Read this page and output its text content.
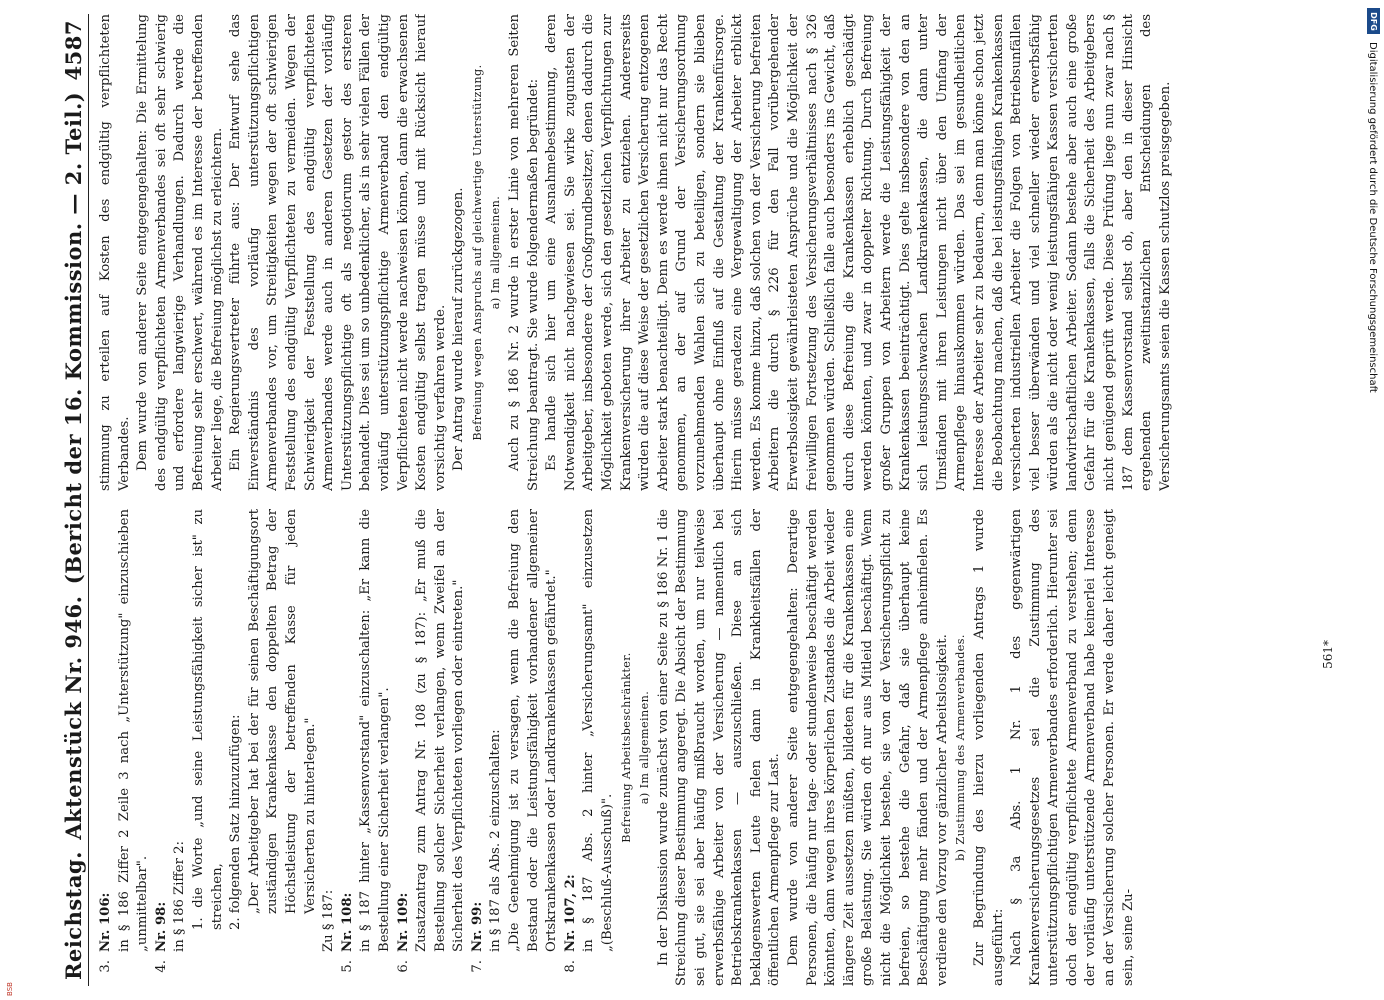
Reichstag.
Aktenstück Nr. 946.
(Bericht der 16. Kommission. — 2. Teil.)
4587
3.
Nr. 106: in § 186 Ziffer 2 Zeile 3 nach „Unterstützung" einzuschieben „unmittelbar".

4.
Nr. 98: in § 186 Ziffer 2: 1. die Worte „und seine Leistungsfähigkeit sicher ist" zu streichen, 2. folgenden Satz hinzuzufügen: „Der Arbeitgeber hat bei der für seinen Beschäftigungsort zuständigen Krankenkasse den doppelten Betrag der Höchstleistung der betreffenden Kasse für jeden Versicherten zu hinterlegen."

Zu § 187:

5.
Nr. 108: in § 187 hinter „Kassenvorstand" einzuschalten: „Er kann die Bestellung einer Sicherheit verlangen".

6.
Nr. 109: Zusatzantrag zum Antrag Nr. 108 (zu § 187): „Er muß die Bestellung solcher Sicherheit verlangen, wenn Zweifel an der Sicherheit des Verpflichteten vorliegen oder eintreten."

7.
Nr. 99: in § 187 als Abs. 2 einzuschalten: „Die Genehmigung ist zu versagen, wenn die Befreiung den Bestand oder die Leistungsfähigkeit vorhandener allgemeiner Ortskrankenkassen oder Landkrankenkassen gefährdet."

8.
Nr. 107, 2: in § 187 Abs. 2 hinter „Versicherungsamt" einzusetzen „(Beschluß-Ausschuß)".

Befreiung Arbeitsbeschränkter. a) Im allgemeinen. In der Diskussion wurde zunächst von einer Seite zu § 186 Nr. 1 die Streichung dieser Bestimmung angeregt. Die Absicht der Bestimmung sei gut, sie sei aber häufig mißbraucht worden, um nur teilweise erwerbsfähige Arbeiter von der Versicherung — namentlich bei Betriebskrankenkassen — auszuschließen. Diese an sich beklagenswerten Leute fielen dann in Krankheitsfällen der öffentlichen Armenpflege zur Last. Dem wurde von anderer Seite entgegengehalten: Derartige Personen, die häufig nur tage- oder stundenweise beschäftigt werden könnten, dann wegen ihres körperlichen Zustandes die Arbeit wieder längere Zeit aussetzen müßten, bildeten für die Krankenkassen eine große Belastung. Sie würden oft nur aus Mitleid beschäftigt. Wenn nicht die Möglichkeit bestehe, sie von der Versicherungspflicht zu befreien, so bestehe die Gefahr, daß sie überhaupt keine Beschäftigung mehr fänden und der Armenpflege anheimfielen. Es verdiene den Vorzug vor gänzlicher Arbeitslosigkeit. b) Zustimmung des Armenverbandes. Zur Begründung des hierzu vorliegenden Antrags 1 wurde ausgeführt: Nach § 3a Abs. 1 Nr. 1 des gegenwärtigen Krankenversicherungsgesetzes sei die Zustimmung des unterstützungspflichtigen Armenverbandes erforderlich. Hierunter sei doch der endgültig verpflichtete Armenverband zu verstehen; denn der vorläufig unterstützende Armenverband habe keinerlei Interesse an der Versicherung solcher Personen. Er werde daher leicht geneigt sein, seine Zu-

stimmung zu erteilen auf Kosten des endgültig verpflichteten Verbandes. Dem wurde von anderer Seite entgegengehalten: Die Ermittelung des endgültig verpflichteten Armenverbandes sei oft sehr schwierig und erfordere langwierige Verhandlungen. Dadurch werde die Befreiung sehr erschwert, während es im Interesse der betreffenden Arbeiter liege, die Befreiung möglichst zu erleichtern. Ein Regierungsvertreter führte aus: Der Entwurf sehe das Einverständnis des vorläufig unterstützungspflichtigen Armenverbandes vor, um Streitigkeiten wegen der oft schwierigen Feststellung des endgültig Verpflichteten zu vermeiden. Wegen der Schwierigkeit der Feststellung des endgültig verpflichteten Armenverbandes werde auch in anderen Gesetzen der vorläufig Unterstützungspflichtige oft als negotiorum gestor des ersteren behandelt. Dies sei um so unbedenklicher, als in sehr vielen Fällen der vorläufig unterstützungspflichtige Armenverband den endgültig Verpflichteten nicht werde nachweisen können, dann die erwachsenen Kosten endgültig selbst tragen müsse und mit Rücksicht hierauf vorsichtig verfahren werde. Der Antrag wurde hierauf zurückgezogen. Befreiung wegen Anspruchs auf gleichwertige Unterstützung. a) Im allgemeinen. Auch zu § 186 Nr. 2 wurde in erster Linie von mehreren Seiten Streichung beantragt. Sie wurde folgendermaßen begründet: Es handle sich hier um eine Ausnahmebestimmung, deren Notwendigkeit nicht nachgewiesen sei. Sie wirke zugunsten der Arbeitgeber, insbesondere der Großgrundbesitzer, denen dadurch die Möglichkeit geboten werde, sich den gesetzlichen Verpflichtungen zur Krankenversicherung ihrer Arbeiter zu entziehen. Andererseits würden die auf diese Weise der gesetzlichen Versicherung entzogenen Arbeiter stark benachteiligt. Denn es werde ihnen nicht nur das Recht genommen, an der auf Grund der Versicherungsordnung vorzunehmenden Wahlen sich zu beteiligen, sondern sie blieben überhaupt ohne Einfluß auf die Gestaltung der Krankenfürsorge. Hierin müsse geradezu eine Vergewaltigung der Arbeiter erblickt werden. Es komme hinzu, daß solchen von der Versicherung befreiten Arbeitern die durch § 226 für den Fall vorübergehender Erwerbslosigkeit gewährleisteten Ansprüche und die Möglichkeit der freiwilligen Fortsetzung des Versicherungsverhältnisses nach § 326 genommen würden. Schließlich falle auch besonders ins Gewicht, daß durch diese Befreiung die Krankenkassen erheblich geschädigt werden könnten, und zwar in doppelter Richtung. Durch Befreiung großer Gruppen von Arbeitern werde die Leistungsfähigkeit der Krankenkassen beeinträchtigt. Dies gelte insbesondere von den an sich leistungsschwachen Landkrankenkassen, die dann unter Umständen mit ihren Leistungen nicht über den Umfang der Armenpflege hinauskommen würden. Das sei im gesundheitlichen Interesse der Arbeiter sehr zu bedauern, denn man könne schon jetzt die Beobachtung machen, daß die bei leistungsfähigen Krankenkassen versicherten industriellen Arbeiter die Folgen von Betriebsunfällen viel besser überwänden und viel schneller wieder erwerbsfähig würden als die nicht oder wenig leistungsfähigen Kassen versicherten landwirtschaftlichen Arbeiter. Sodann bestehe aber auch eine große Gefahr für die Krankenkassen, falls die Sicherheit des Arbeitgebers nicht genügend geprüft werde. Diese Prüfung liege nun zwar nach § 187 dem Kassenvorstand selbst ob, aber den in dieser Hinsicht ergehenden zweitinstanzlichen Entscheidungen des Versicherungsamts seien die Kassen schutzlos preisgegeben.

561*
DFG
Digitalisierung gefördert durch die Deutsche Forschungsgemeinschaft
BSB
